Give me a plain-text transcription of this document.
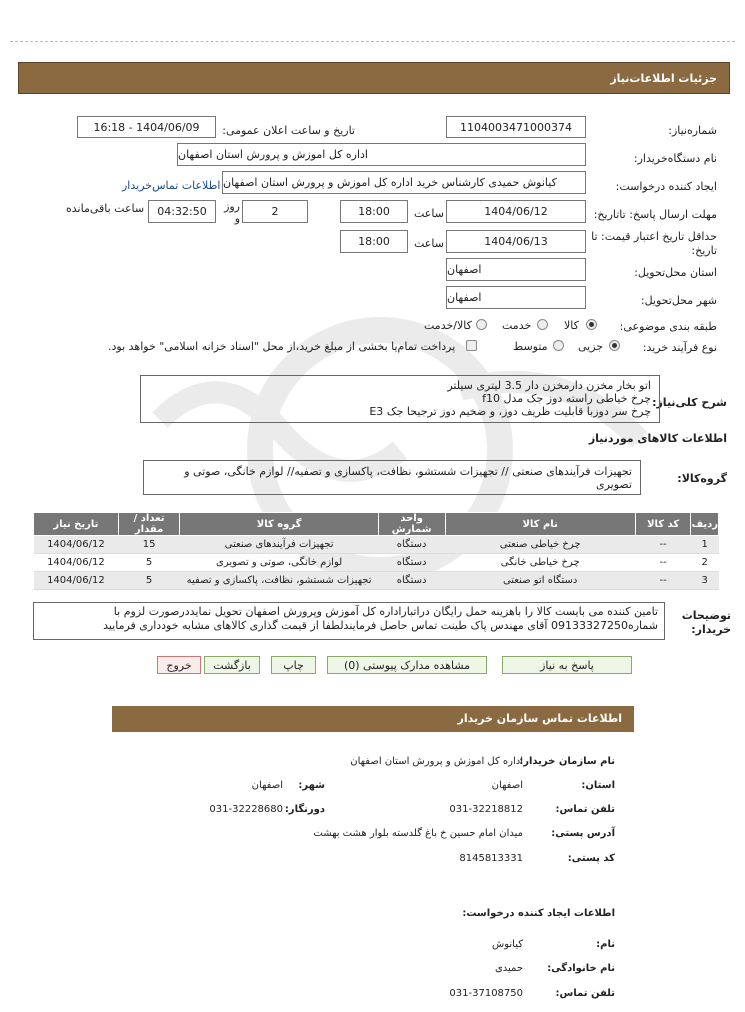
جزئیات اطلاعات‌نیاز
شماره‌نیاز:
1104003471000374
تاریخ و ساعت اعلان عمومی:
1404/06/09 - 16:18
نام دستگاه‌خریدار:
اداره کل اموزش و پرورش استان اصفهان
ایجاد کننده درخواست:
کیانوش حمیدی کارشناس خرید اداره کل اموزش و پرورش استان اصفهان
اطلاعات تماس‌خریدار
مهلت ارسال پاسخ: تاتاریخ:
1404/06/12
ساعت
18:00
2
روز و
04:32:50
ساعت باقی‌مانده
حداقل تاریخ اعتبار قیمت: تا تاریخ:
1404/06/13
ساعت
18:00
استان محل‌تحویل:
اصفهان
شهر محل‌تحویل:
اصفهان
طبقه بندی موضوعی:
کالا
خدمت
کالا/خدمت
نوع فرآیند خرید:
جزیی
متوسط
پرداخت تمام‌یا بخشی از مبلغ خرید،از محل "اسناد خزانه اسلامی" خواهد بود.
شرح کلی‌نیاز:
اتو بخار مخزن دارمخزن دار 3.5 لیتری سیلتر
چرخ خیاطی راسته دوز جک مدل f10
چرخ سر دوزبا قابلیت ظریف دوز، و ضخیم دوز ترجیحا جک E3
اطلاعات کالاهای موردنیاز
گروه‌کالا:
تجهیزات فرآیندهای صنعتی // تجهیزات شستشو، نظافت، پاکسازی و تصفیه// لوازم خانگی، صوتی و تصویری
ردیف	کد کالا	نام کالا	واحد شمارش	گروه کالا	تعداد / مقدار	تاریخ نیاز
1	--	چرخ خیاطی صنعتی	دستگاه	تجهیزات فرآیندهای صنعتی	15	1404/06/12
2	--	چرخ خیاطی خانگی	دستگاه	لوازم خانگی، صوتی و تصویری	5	1404/06/12
3	--	دستگاه اتو صنعتی	دستگاه	تجهیزات شستشو، نظافت، پاکسازی و تصفیه	5	1404/06/12
توضیحات خریدار:
تامین کننده می بایست کالا را باهزینه حمل رایگان دراتباراداره کل آموزش وپرورش اصفهان تحویل نمایددرصورت لزوم با شماره09133327250 آقای مهندس پاک طینت تماس حاصل فرمایندلطفا از قیمت گذاری کالاهای مشابه خودداری فرمایید
پاسخ به نیاز
مشاهده مدارک پیوستی (0)
چاپ
بازگشت
خروج
اطلاعات تماس سازمان خریدار
نام سازمان خریدار:
اداره کل اموزش و پرورش استان اصفهان
استان:
اصفهان
شهر:
اصفهان
تلفن تماس:
031-32218812
دورنگار:
031-32228680
آدرس پستی:
میدان امام حسین خ باغ گلدسته بلوار هشت بهشت
کد پستی:
8145813331
اطلاعات ایجاد کننده درخواست:
نام:
کیانوش
نام خانوادگی:
حمیدی
تلفن تماس:
031-37108750
